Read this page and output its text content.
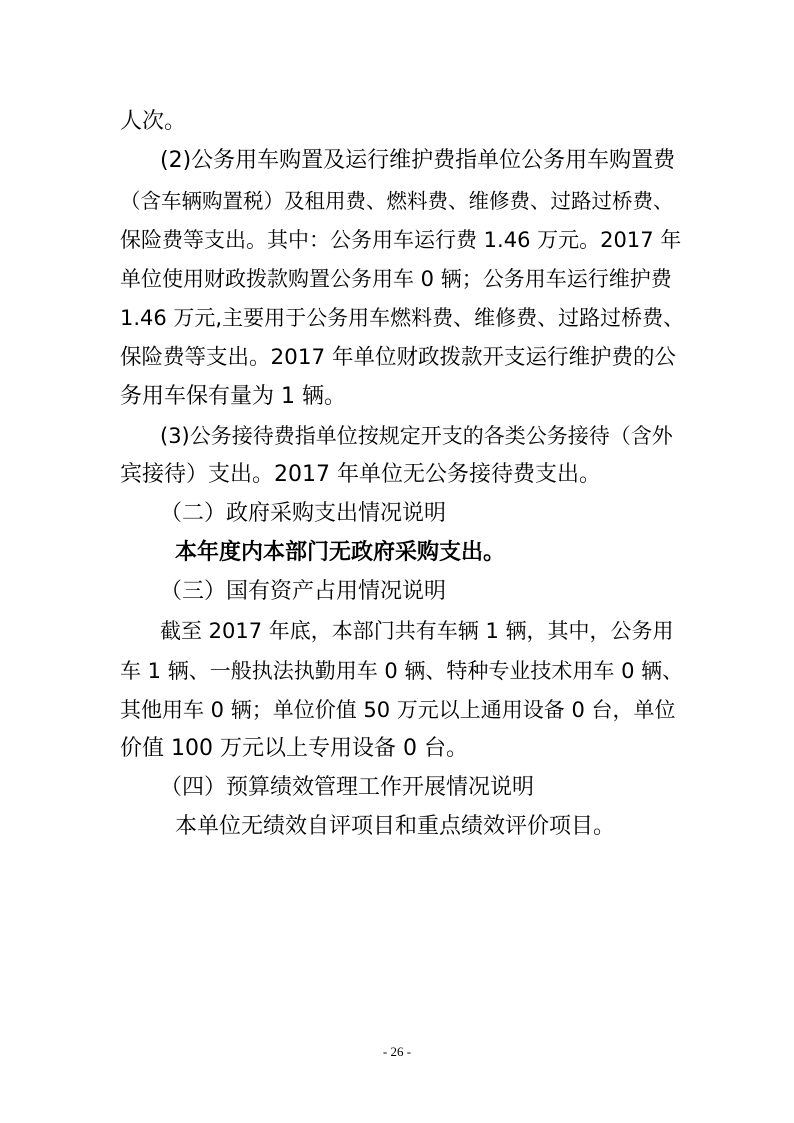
人次。
(2)公务用车购置及运行维护费指单位公务用车购置费
（含车辆购置税）及租用费、燃料费、维修费、过路过桥费、
保险费等支出。其中：公务用车运行费 1.46 万元。2017 年
单位使用财政拨款购置公务用车 0 辆；公务用车运行维护费
1.46 万元,主要用于公务用车燃料费、维修费、过路过桥费、
保险费等支出。2017 年单位财政拨款开支运行维护费的公
务用车保有量为 1 辆。
(3)公务接待费指单位按规定开支的各类公务接待（含外
宾接待）支出。2017 年单位无公务接待费支出。
（二）政府采购支出情况说明
本年度内本部门无政府采购支出。
（三）国有资产占用情况说明
截至 2017 年底，本部门共有车辆 1 辆，其中，公务用
车 1 辆、一般执法执勤用车 0 辆、特种专业技术用车 0 辆、
其他用车 0 辆；单位价值 50 万元以上通用设备 0 台，单位
价值 100 万元以上专用设备 0 台。
（四）预算绩效管理工作开展情况说明
本单位无绩效自评项目和重点绩效评价项目。
- 26 -
